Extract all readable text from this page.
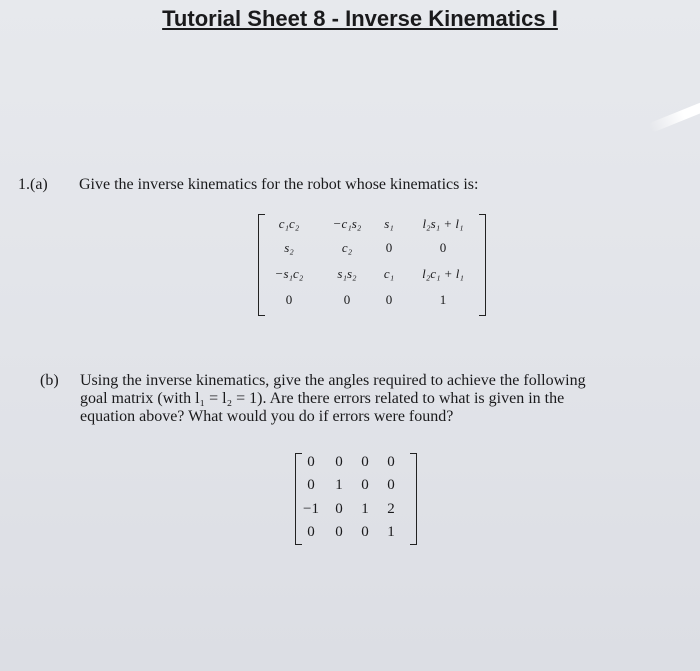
Tutorial Sheet 8 - Inverse Kinematics I
1.(a) Give the inverse kinematics for the robot whose kinematics is:
c₁c₂	−c₁s₂	s₁	l₂s₁ + l₁
s₂	c₂	0	0
−s₁c₂	s₁s₂	c₁	l₂c₁ + l₁
0	0	0	1
(b) Using the inverse kinematics, give the angles required to achieve the following

goal matrix (with l₁ = l₂ = 1). Are there errors related to what is given in the

equation above? What would you do if errors were found?

0	0	0	0
0	1	0	0
−1	0	1	2
0	0	0	1
